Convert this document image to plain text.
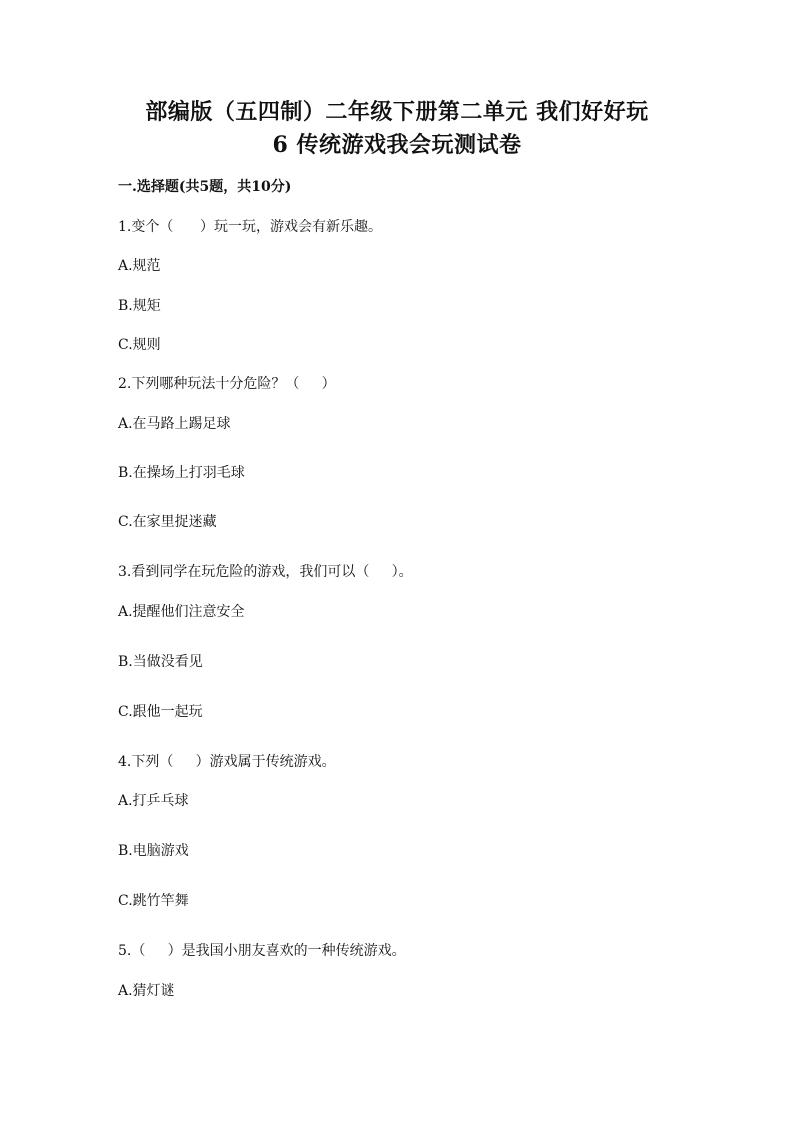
部编版（五四制）二年级下册第二单元 我们好好玩
6 传统游戏我会玩测试卷
一.选择题(共5题，共10分)
1.变个（      ）玩一玩，游戏会有新乐趣。
A.规范
B.规矩
C.规则
2.下列哪种玩法十分危险？（     ）
A.在马路上踢足球
B.在操场上打羽毛球
C.在家里捉迷藏
3.看到同学在玩危险的游戏，我们可以（     ）。
A.提醒他们注意安全
B.当做没看见
C.跟他一起玩
4.下列（     ）游戏属于传统游戏。
A.打乒乓球
B.电脑游戏
C.跳竹竿舞
5.（     ）是我国小朋友喜欢的一种传统游戏。
A.猜灯谜
